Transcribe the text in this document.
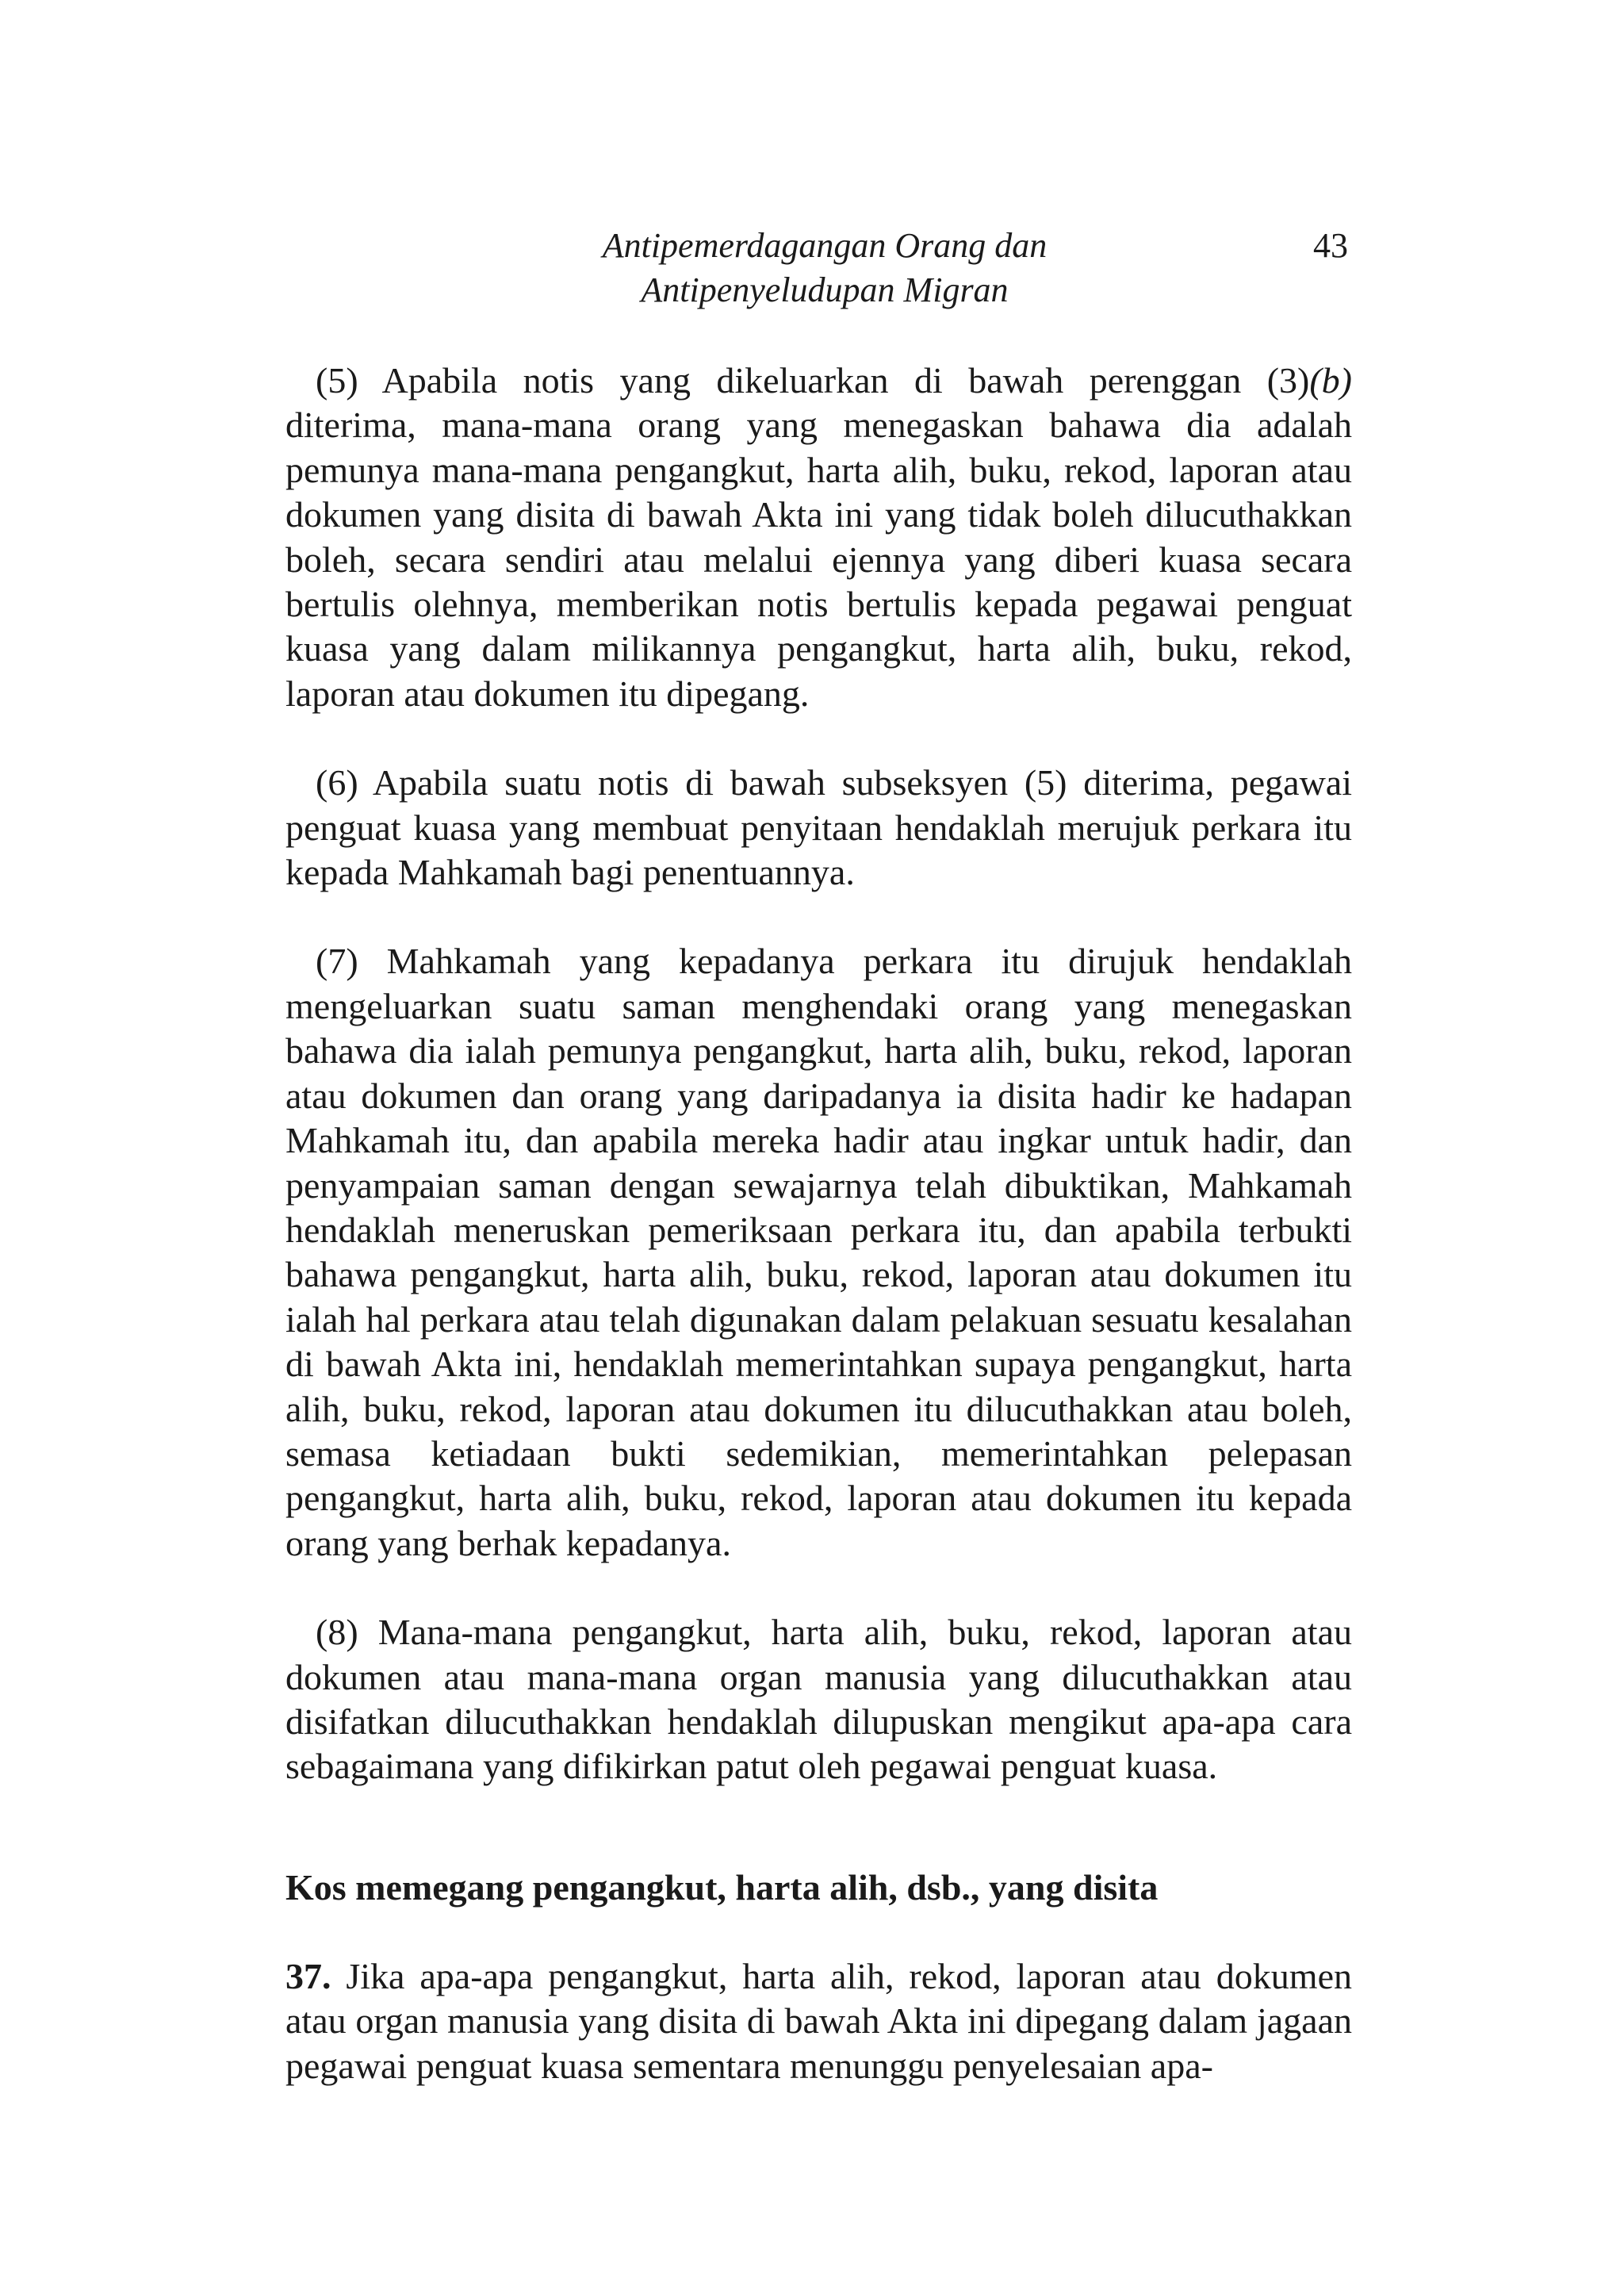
Antipemerdagangan Orang dan
Antipenyeludupan Migran
43

(5) Apabila notis yang dikeluarkan di bawah perenggan (3)(b) diterima, mana-mana orang yang menegaskan bahawa dia adalah pemunya mana-mana pengangkut, harta alih, buku, rekod, laporan atau dokumen yang disita di bawah Akta ini yang tidak boleh dilucuthakkan boleh, secara sendiri atau melalui ejennya yang diberi kuasa secara bertulis olehnya, memberikan notis bertulis kepada pegawai penguat kuasa yang dalam milikannya pengangkut, harta alih, buku, rekod, laporan atau dokumen itu dipegang.

(6) Apabila suatu notis di bawah subseksyen (5) diterima, pegawai penguat kuasa yang membuat penyitaan hendaklah merujuk perkara itu kepada Mahkamah bagi penentuannya.

(7) Mahkamah yang kepadanya perkara itu dirujuk hendaklah mengeluarkan suatu saman menghendaki orang yang menegaskan bahawa dia ialah pemunya pengangkut, harta alih, buku, rekod, laporan atau dokumen dan orang yang daripadanya ia disita hadir ke hadapan Mahkamah itu, dan apabila mereka hadir atau ingkar untuk hadir, dan penyampaian saman dengan sewajarnya telah dibuktikan, Mahkamah hendaklah meneruskan pemeriksaan perkara itu, dan apabila terbukti bahawa pengangkut, harta alih, buku, rekod, laporan atau dokumen itu ialah hal perkara atau telah digunakan dalam pelakuan sesuatu kesalahan di bawah Akta ini, hendaklah memerintahkan supaya pengangkut, harta alih, buku, rekod, laporan atau dokumen itu dilucuthakkan atau boleh, semasa ketiadaan bukti sedemikian, memerintahkan pelepasan pengangkut, harta alih, buku, rekod, laporan atau dokumen itu kepada orang yang berhak kepadanya.

(8) Mana-mana pengangkut, harta alih, buku, rekod, laporan atau dokumen atau mana-mana organ manusia yang dilucuthakkan atau disifatkan dilucuthakkan hendaklah dilupuskan mengikut apa-apa cara sebagaimana yang difikirkan patut oleh pegawai penguat kuasa.

Kos memegang pengangkut, harta alih, dsb., yang disita

37. Jika apa-apa pengangkut, harta alih, rekod, laporan atau dokumen atau organ manusia yang disita di bawah Akta ini dipegang dalam jagaan pegawai penguat kuasa sementara menunggu penyelesaian apa-
